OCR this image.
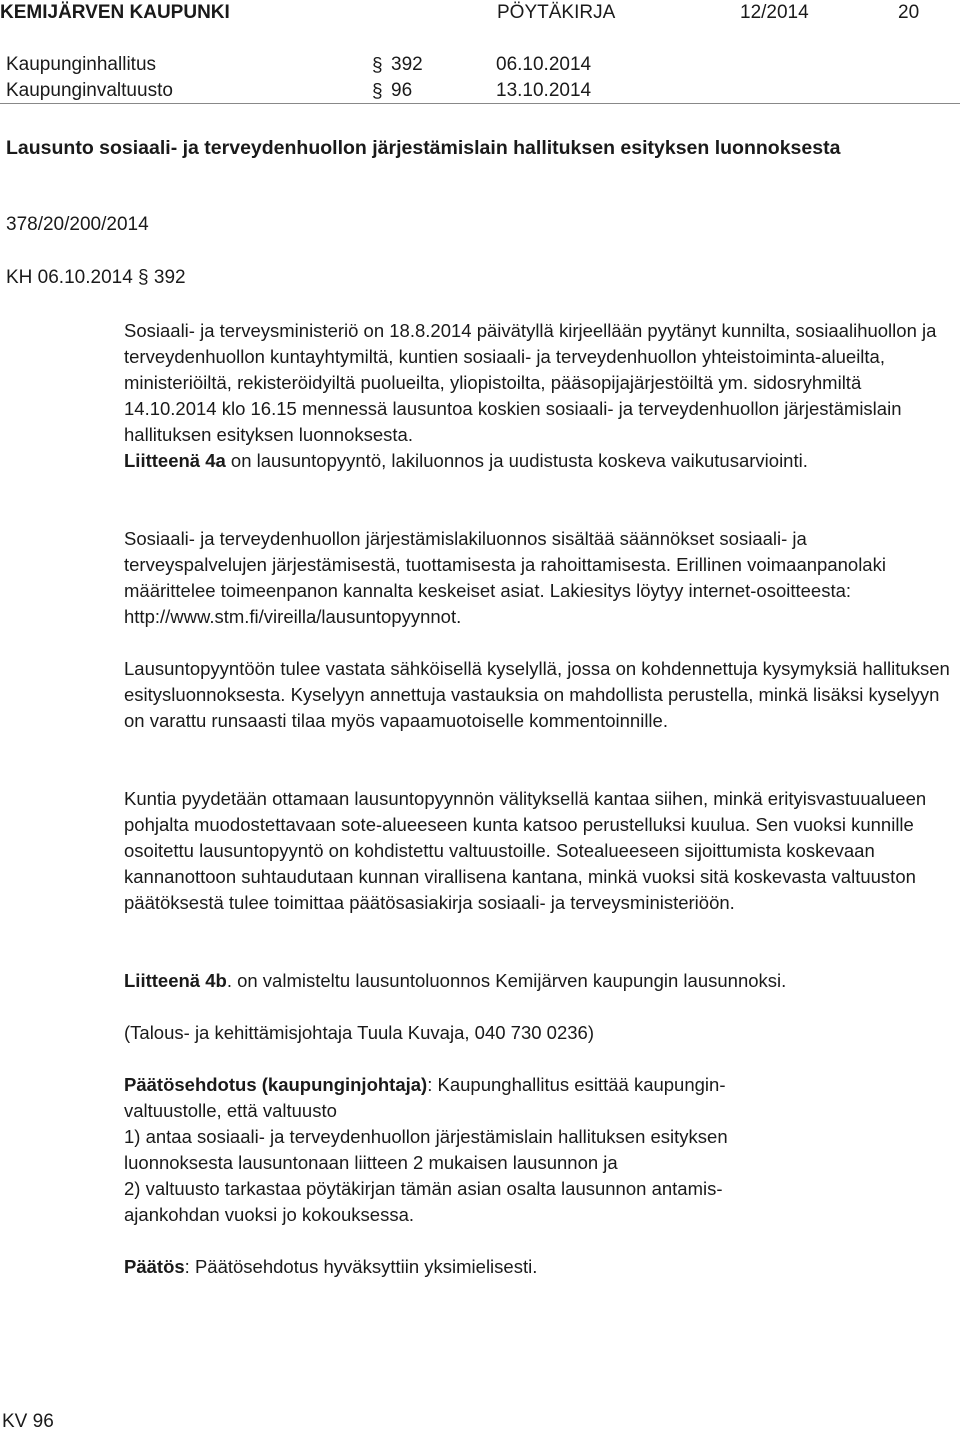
KEMIJÄRVEN KAUPUNKI	PÖYTÄKIRJA	12/2014	20
Kaupunginhallitus	§ 392	06.10.2014
Kaupunginvaltuusto	§ 96	13.10.2014
Lausunto sosiaali- ja terveydenhuollon järjestämislain hallituksen esityksen luonnoksesta
378/20/200/2014
KH 06.10.2014 § 392

Sosiaali- ja terveysministeriö on 18.8.2014 päivätyllä kirjeellään pyytänyt kunnilta, sosiaalihuollon ja terveydenhuollon kuntayhtymiltä, kuntien sosiaali- ja terveydenhuollon yhteistoiminta-alueilta, ministeriöiltä, rekisteröidyiltä puolueilta, yliopistoilta, pääsopijajärjestöiltä ym. sidosryhmiltä 14.10.2014 klo 16.15 mennessä lausuntoa koskien sosiaali- ja terveydenhuollon järjestämislain hallituksen esityksen luonnoksesta.

Liitteenä 4a on lausuntopyyntö, lakiluonnos ja uudistusta koskeva vaikutusarviointi.

Sosiaali- ja terveydenhuollon järjestämislakiluonnos sisältää säännökset sosiaali- ja terveyspalvelujen järjestämisestä, tuottamisesta ja rahoittamisesta. Erillinen voimaanpanolaki määrittelee toimeenpanon kannalta keskeiset asiat. Lakiesitys löytyy internet-osoitteesta: http://www.stm.fi/vireilla/lausuntopyynnot.

Lausuntopyyntöön tulee vastata sähköisellä kyselyllä, jossa on kohdennettuja kysymyksiä hallituksen esitysluonnoksesta. Kyselyyn annettuja vastauksia on mahdollista perustella, minkä lisäksi kyselyyn on varattu runsaasti tilaa myös vapaamuotoiselle kommentoinnille.

Kuntia pyydetään ottamaan lausuntopyynnön välityksellä kantaa siihen, minkä erityisvastuualueen pohjalta muodostettavaan sote-alueeseen kunta katsoo perustelluksi kuulua. Sen vuoksi kunnille osoitettu lausuntopyyntö on kohdistettu valtuustoille. Sotealueeseen sijoittumista koskevaan kannanottoon suhtaudutaan kunnan virallisena kantana, minkä vuoksi sitä koskevasta valtuuston päätöksestä tulee toimittaa päätösasiakirja sosiaali- ja terveysministeriöön.

Liitteenä 4b. on valmisteltu lausuntoluonnos Kemijärven kaupungin lausunnoksi.

(Talous- ja kehittämisjohtaja Tuula Kuvaja, 040 730 0236)

Päätösehdotus (kaupunginjohtaja): Kaupunghallitus esittää kaupungin-

valtuustolle, että valtuusto

1) antaa sosiaali- ja terveydenhuollon järjestämislain hallituksen esityksen

luonnoksesta lausuntonaan liitteen 2 mukaisen lausunnon ja

2) valtuusto tarkastaa pöytäkirjan tämän asian osalta lausunnon antamis-

ajankohdan vuoksi jo kokouksessa.

Päätös: Päätösehdotus hyväksyttiin yksimielisesti.

KV 96
